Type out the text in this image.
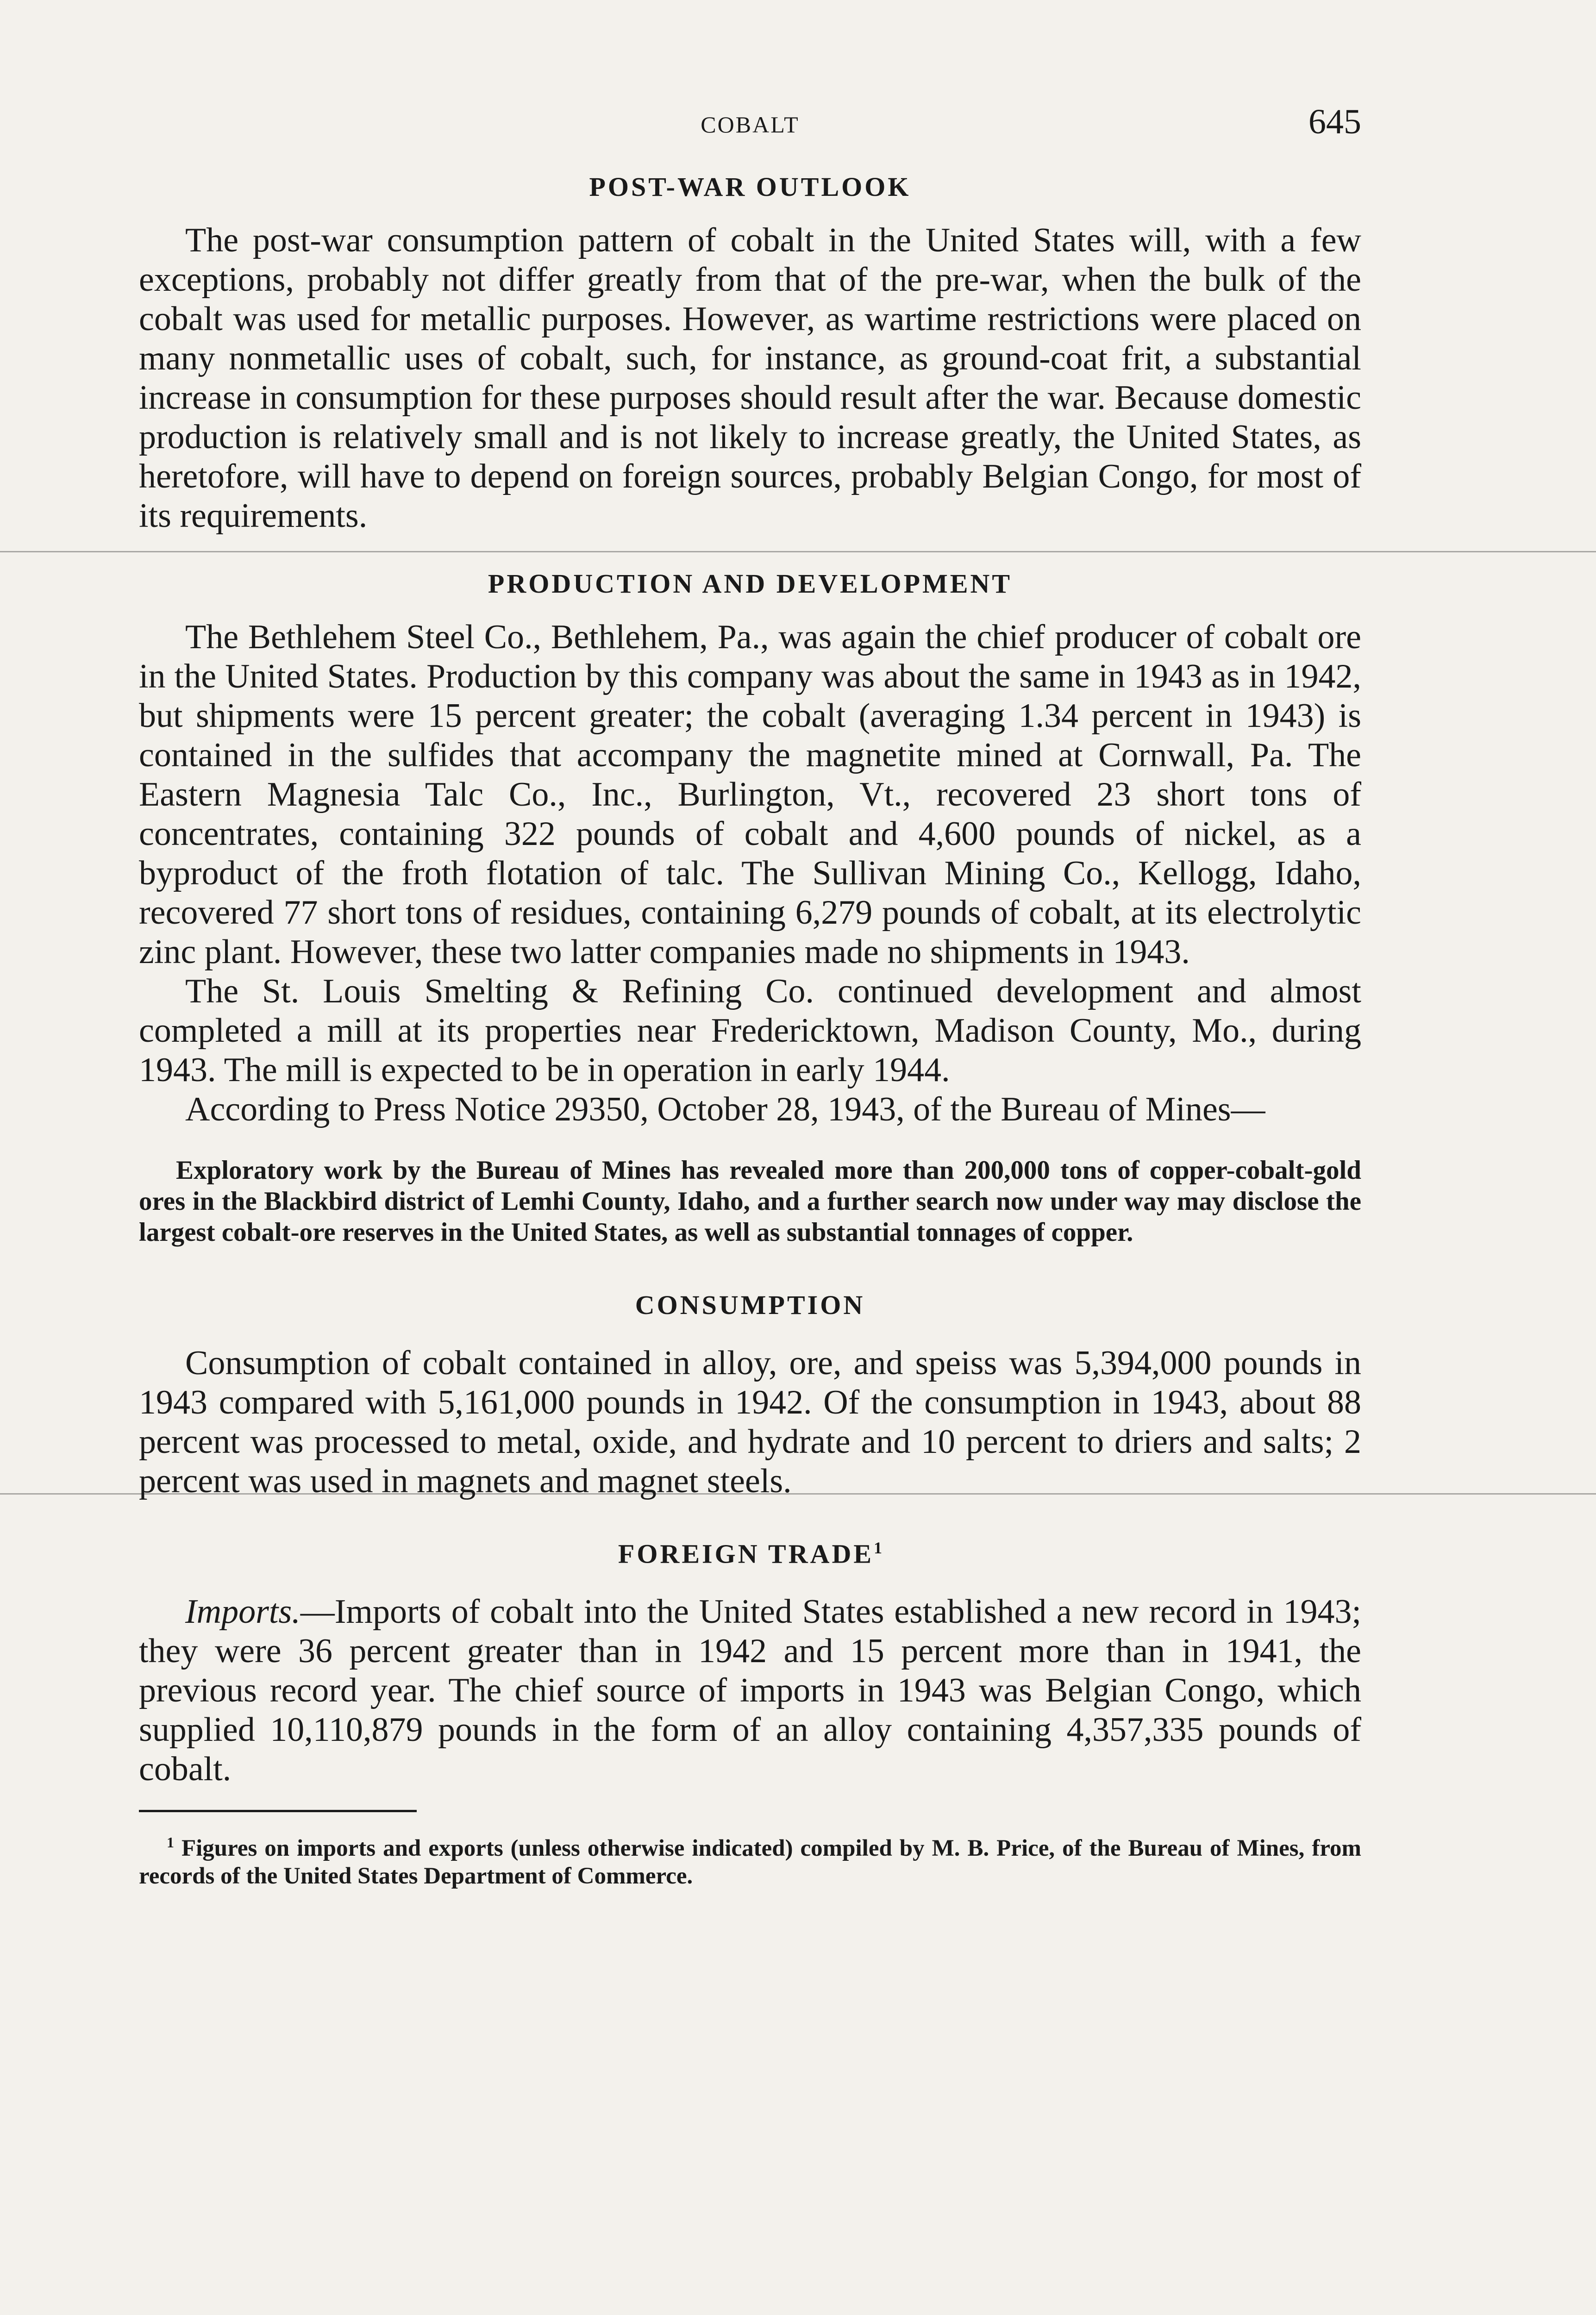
COBALT	645
POST-WAR OUTLOOK

The post-war consumption pattern of cobalt in the United States will, with a few exceptions, probably not differ greatly from that of the pre-war, when the bulk of the cobalt was used for metallic purposes. However, as wartime restrictions were placed on many nonmetallic uses of cobalt, such, for instance, as ground-coat frit, a substantial increase in consumption for these purposes should result after the war. Because domestic production is relatively small and is not likely to increase greatly, the United States, as heretofore, will have to depend on foreign sources, probably Belgian Congo, for most of its requirements.

PRODUCTION AND DEVELOPMENT

The Bethlehem Steel Co., Bethlehem, Pa., was again the chief producer of cobalt ore in the United States. Production by this company was about the same in 1943 as in 1942, but shipments were 15 percent greater; the cobalt (averaging 1.34 percent in 1943) is contained in the sulfides that accompany the magnetite mined at Cornwall, Pa. The Eastern Magnesia Talc Co., Inc., Burlington, Vt., recovered 23 short tons of concentrates, containing 322 pounds of cobalt and 4,600 pounds of nickel, as a byproduct of the froth flotation of talc. The Sullivan Mining Co., Kellogg, Idaho, recovered 77 short tons of residues, containing 6,279 pounds of cobalt, at its electrolytic zinc plant. However, these two latter companies made no shipments in 1943.

The St. Louis Smelting & Refining Co. continued development and almost completed a mill at its properties near Fredericktown, Madison County, Mo., during 1943. The mill is expected to be in operation in early 1944.

According to Press Notice 29350, October 28, 1943, of the Bureau of Mines—

Exploratory work by the Bureau of Mines has revealed more than 200,000 tons of copper-cobalt-gold ores in the Blackbird district of Lemhi County, Idaho, and a further search now under way may disclose the largest cobalt-ore reserves in the United States, as well as substantial tonnages of copper.
CONSUMPTION

Consumption of cobalt contained in alloy, ore, and speiss was 5,394,000 pounds in 1943 compared with 5,161,000 pounds in 1942. Of the consumption in 1943, about 88 percent was processed to metal, oxide, and hydrate and 10 percent to driers and salts; 2 percent was used in magnets and magnet steels.

FOREIGN TRADE$^1$

Imports.—Imports of cobalt into the United States established a new record in 1943; they were 36 percent greater than in 1942 and 15 percent more than in 1941, the previous record year. The chief source of imports in 1943 was Belgian Congo, which supplied 10,110,879 pounds in the form of an alloy containing 4,357,335 pounds of cobalt.

$^1$ Figures on imports and exports (unless otherwise indicated) compiled by M. B. Price, of the Bureau of Mines, from records of the United States Department of Commerce.
